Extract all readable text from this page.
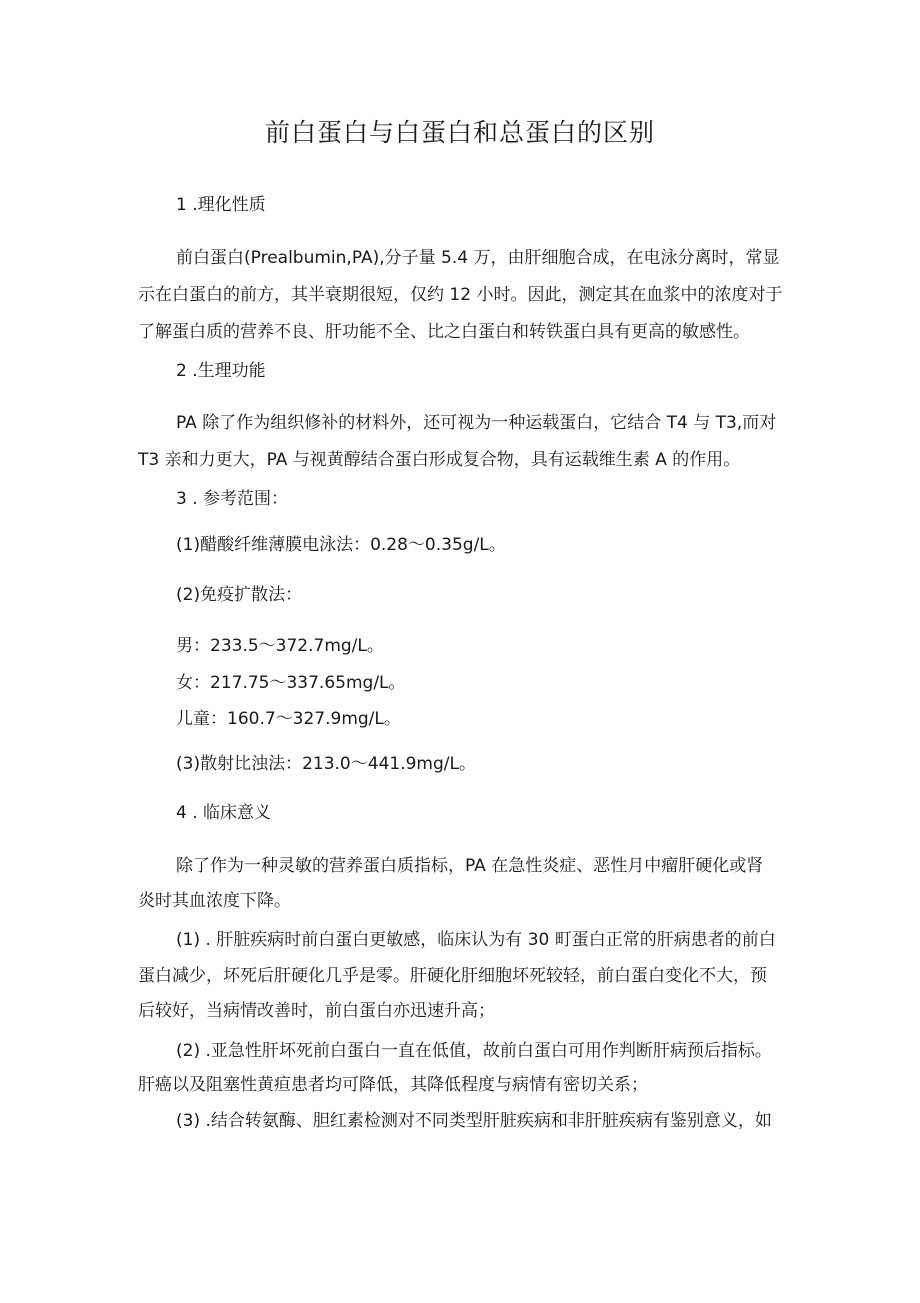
前白蛋白与白蛋白和总蛋白的区别

1 .理化性质

前白蛋白(Prealbumin,PA),分子量 5.4 万，由肝细胞合成，在电泳分离时，常显

示在白蛋白的前方，其半衰期很短，仅约 12 小时。因此，测定其在血浆中的浓度对于

了解蛋白质的营养不良、肝功能不全、比之白蛋白和转铁蛋白具有更高的敏感性。

2 .生理功能

PA 除了作为组织修补的材料外，还可视为一种运载蛋白，它结合 T4 与 T3,而对

T3 亲和力更大，PA 与视黄醇结合蛋白形成复合物，具有运载维生素 A 的作用。

3 . 参考范围：

(1)醋酸纤维薄膜电泳法：0.28〜0.35g/L。

(2)免疫扩散法：

男：233.5〜372.7mg/L。

女：217.75〜337.65mg/L。

儿童：160.7〜327.9mg/L。

(3)散射比浊法：213.0〜441.9mg/L。

4 . 临床意义

除了作为一种灵敏的营养蛋白质指标，PA 在急性炎症、恶性月中瘤肝硬化或肾

炎时其血浓度下降。

(1) . 肝脏疾病时前白蛋白更敏感，临床认为有 30 町蛋白正常的肝病患者的前白

蛋白减少，坏死后肝硬化几乎是零。肝硬化肝细胞坏死较轻，前白蛋白变化不大，预

后较好，当病情改善时，前白蛋白亦迅速升高；

(2) .亚急性肝坏死前白蛋白一直在低值，故前白蛋白可用作判断肝病预后指标。

肝癌以及阻塞性黄疸患者均可降低，其降低程度与病情有密切关系；

(3) .结合转氨酶、胆红素检测对不同类型肝脏疾病和非肝脏疾病有鉴别意义，如
